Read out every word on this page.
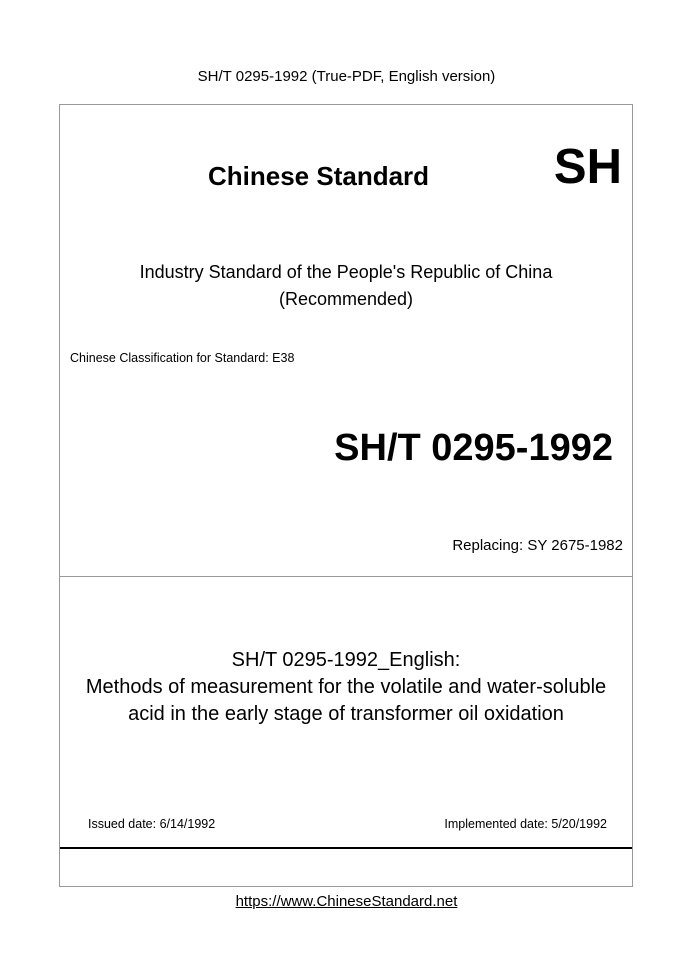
SH/T 0295-1992 (True-PDF, English version)
Chinese Standard	SH
Industry Standard of the People's Republic of China
(Recommended)
Chinese Classification for Standard: E38
SH/T 0295-1992
Replacing: SY 2675-1982
SH/T 0295-1992_English:
Methods of measurement for the volatile and water-soluble
acid in the early stage of transformer oil oxidation
Issued date: 6/14/1992	Implemented date: 5/20/1992
https://www.ChineseStandard.net
